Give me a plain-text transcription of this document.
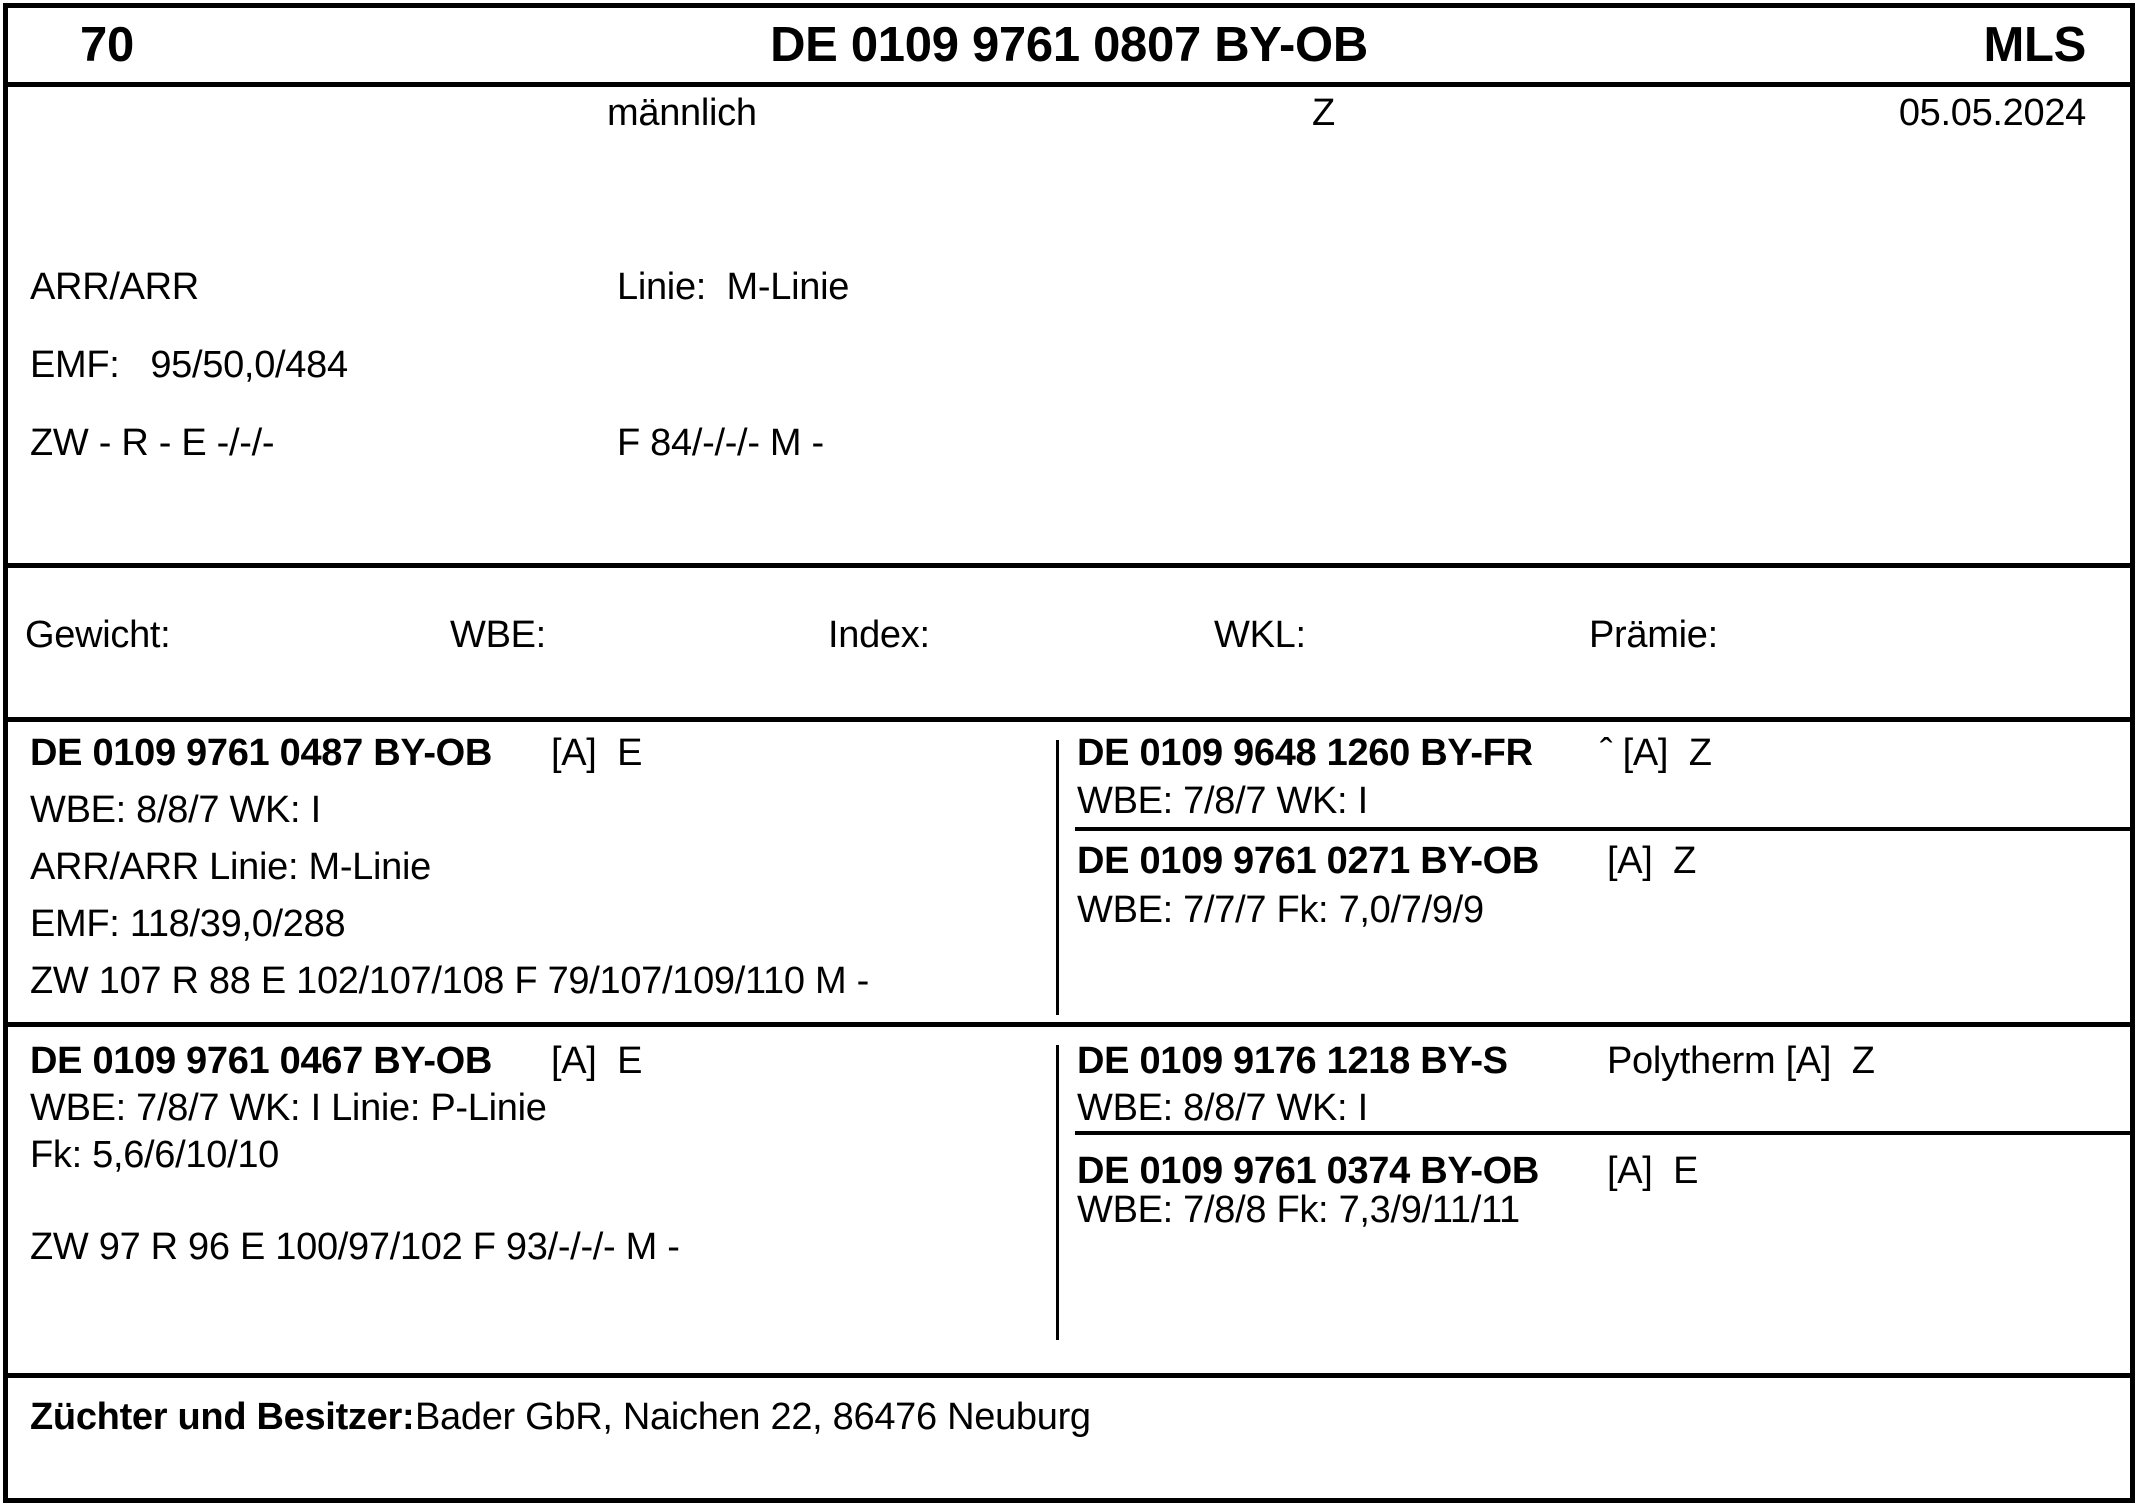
70	DE 0109 9761 0807 BY-OB	MLS
männlich	Z	05.05.2024
ARR/ARR	Linie:  M-Linie
EMF:   95/50,0/484
ZW - R - E -/-/-	F 84/-/-/- M -
Gewicht:	WBE:	Index:	WKL:	Prämie:
DE 0109 9761 0487 BY-OB [A]  E
WBE: 8/8/7 WK: I
ARR/ARR Linie: M-Linie
EMF: 118/39,0/288
ZW 107 R 88 E 102/107/108 F 79/107/109/110 M -
DE 0109 9648 1260 BY-FR ˆ [A]  Z
WBE: 7/8/7 WK: I
DE 0109 9761 0271 BY-OB [A]  Z
WBE: 7/7/7 Fk: 7,0/7/9/9
DE 0109 9761 0467 BY-OB [A]  E
WBE: 7/8/7 WK: I Linie: P-Linie
Fk: 5,6/6/10/10
ZW 97 R 96 E 100/97/102 F 93/-/-/- M -
DE 0109 9176 1218 BY-S	Polytherm [A]  Z
WBE: 8/8/7 WK: I
DE 0109 9761 0374 BY-OB [A]  E
WBE: 7/8/8 Fk: 7,3/9/11/11
Züchter und Besitzer: Bader GbR, Naichen 22, 86476 Neuburg
